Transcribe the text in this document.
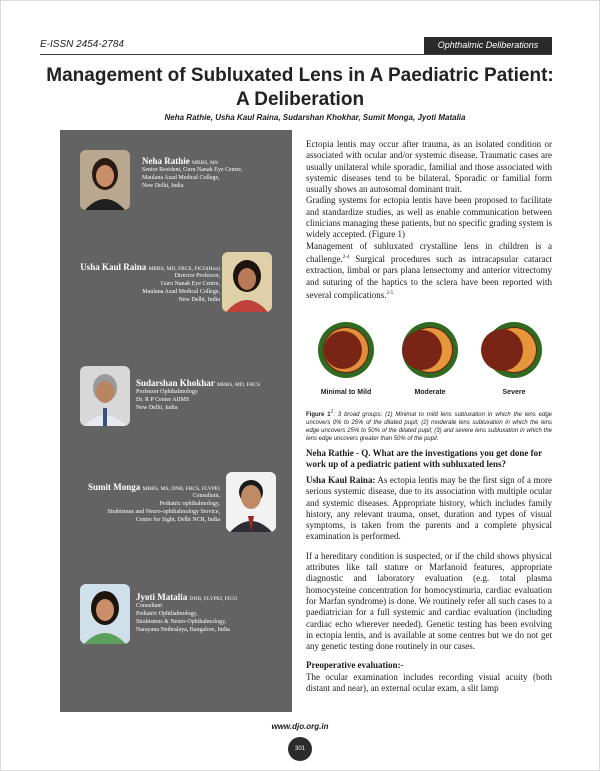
E-ISSN 2454-2784	Ophthalmic Deliberations
Management of Subluxated Lens in A Paediatric Patient:
A Deliberation
Neha Rathie, Usha Kaul Raina, Sudarshan Khokhar, Sumit Monga, Jyoti Matalia
Neha Rathie MBBS, MS
Senior Resident, Guru Nanak Eye Centre,
Maulana Azad Medical College,
New Delhi, India
Usha Kaul Raina MBBS, MD, FRCS, FICO(Hon)
Director Professor,
Guru Nanak Eye Centre,
Maulana Azad Medical College,
New Delhi, India
Sudarshan Khokhar MBBS, MD, FRCS
Professor Ophthalmology
Dr. R P Center AIIMS
New Delhi, India
Sumit Monga MBBS, MS, DNB, FRCS, FLVPEI
Consultant,
Pediatric ophthalmology,
Strabismus and Neuro-ophthalmology Service,
Centre for Sight, Delhi NCR, India
Jyoti Matalia DNB, FLVPEI, FICO
Consultant
Pediatric Ophthalmology,
Strabismus & Neuro-Ophthalmology,
Narayana Nethralaya, Bangalore, India

Ectopia lentis may occur after trauma, as an isolated condition or associated with ocular and/or systemic disease. Traumatic cases are usually unilateral while sporadic, familial and those associated with systemic diseases tend to be bilateral. Sporadic or familial form usually shows an autosomal dominant trait.

Grading systems for ectopia lentis have been proposed to facilitate and standardize studies, as well as enable communication between clinicians managing these patients, but no specific grading system is widely accepted. (Figure 1)

Management of subluxated crystalline lens in children is a challenge.$^{2-4}$ Surgical procedures such as intracapsular cataract extraction, limbal or pars plana lensectomy and anterior vitrectomy and suturing of the haptics to the sclera have been reported with several complications.$^{2-5}$

Minimal to Mild	Moderate	Severe
Figure $1^1$: 3 broad groups: (1) Minimal to mild lens subluxation in which the lens edge uncovers 0% to 25% of the dilated pupil; (2) moderate lens subluxation in which the lens edge uncovers 25% to 50% of the dilated pupil; (3) and severe lens subluxation in which the lens edge uncovers greater than 50% of the pupil.
Neha Rathie - Q. What are the investigations you get done for work up of a pediatric patient with subluxated lens?

Usha Kaul Raina: As ectopia lentis may be the first sign of a more serious systemic disease, due to its association with multiple ocular and systemic diseases. Appropriate history, which includes family history, any relevant trauma, onset, duration and types of visual symptoms, is taken from the parents and a complete physical examination is performed.

If a hereditary condition is suspected, or if the child shows physical attributes like tall stature or Marfanoid features, appropriate diagnostic and laboratory evaluation (e.g. total plasma homocysteine concentration for homocystinuria, cardiac evaluation for Marfan syndrome) is done. We routinely refer all such cases to a paediatrician for a full systemic and cardiac evaluation (including cardiac echo wherever needed). Genetic testing has been evolving in ectopia lentis, and is available at some centres but we do not get any genetic testing done routinely in our cases.

Preoperative evaluation:-

The ocular examination includes recording visual acuity (both distant and near), an external ocular exam, a slit lamp

www.djo.org.in
301
